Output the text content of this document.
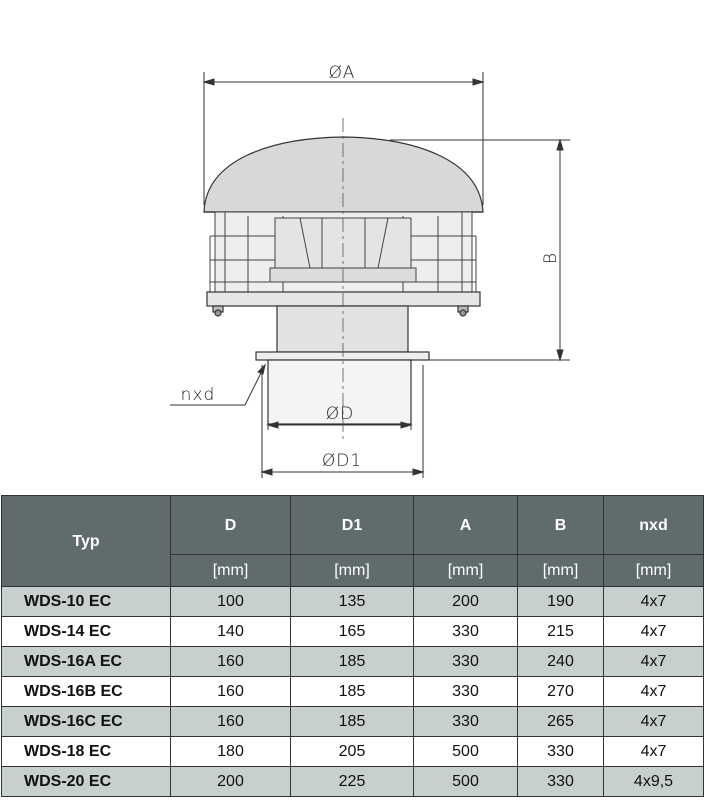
ØA
B
nxd
ØD
ØD1
Typ	D	D1	A	B	nxd
	[mm]	[mm]	[mm]	[mm]	[mm]
WDS-10 EC	100	135	200	190	4x7
WDS-14 EC	140	165	330	215	4x7
WDS-16A EC	160	185	330	240	4x7
WDS-16B EC	160	185	330	270	4x7
WDS-16C EC	160	185	330	265	4x7
WDS-18 EC	180	205	500	330	4x7
WDS-20 EC	200	225	500	330	4x9,5
